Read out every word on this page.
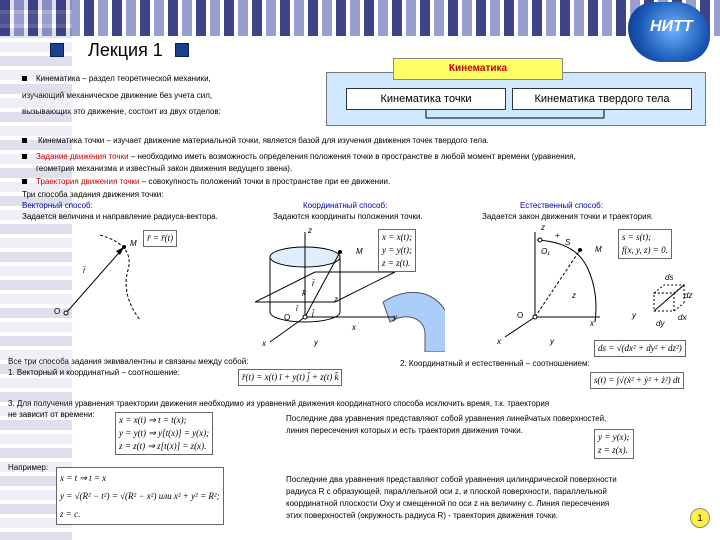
НИТТ
Лекция 1
Кинематика
Кинематика точки	Кинематика твердого тела
Кинематика – раздел теоретической механики,
изучающий механическое движение без учета сил,
вызывающих это движение, состоит из двух отделов:
Кинематика точки – изучает движение материальной точки, является базой для изучения движения точек твердого тела.
Задание движения точки – необходимо иметь возможность определения положения точки в пространстве в любой момент времени (уравнения,
геометрия механизма и известный закон движения ведущего звена).
Траектория движения точки – совокупность положений точки в пространстве при ее движении.
Три способа задания движения точки:
Векторный способ:
Задается величина и направление радиуса-вектора.
Координатный способ:
Задаются координаты положения точки.
Естественный способ:
Задается закон движения точки и траектория.
M
r̄
O
r̄ = r̄(t)
z
M
r̄
O
ī
j̄
k̄
z
x
y
x	y
x = x(t);
y = y(t);
z = z(t).
z
+
O₁
S
M
z
O
x
y
x	y
s = s(t);
f(x, y, z) = 0.
ds
dz
dy
dx
ds = √(dx² + dy² + dz²)
Все три способа задания эквивалентны и связаны между собой:
1. Векторный и координатный – соотношение:	r̄(t) = x(t) ī + y(t) j̄ + z(t) k̄
2. Координатный и естественный – соотношением:
s(t) = ∫√(ẋ² + ẏ² + ż²) dt
3. Для получения уравнения траектории движения необходимо из уравнений движения координатного способа исключить время, т.к. траектория
не зависит от времени:
x = x(t) ⇒ t = t(x);
y = y(t) ⇒ y[t(x)] = y(x);
z = z(t) ⇒ z[t(x)] = z(x).
Последние два уравнения представляют собой уравнения линейчатых поверхностей,
линия пересечения которых и есть траектория движения точки.
y = y(x);
z = z(x).
Например:
x = t ⇒ t = x
y = √(R² − t²) = √(R² − x²) или x² + y² = R²;
z = c.
Последние два уравнения представляют собой уравнения цилиндрической поверхности
радиуса R с образующей, параллельной оси z, и плоской поверхности, параллельной
координатной плоскости Oxy и смещенной по оси z на величину c. Линия пересечения
этих поверхностей (окружность радиуса R) - траектория движения точки.	1
